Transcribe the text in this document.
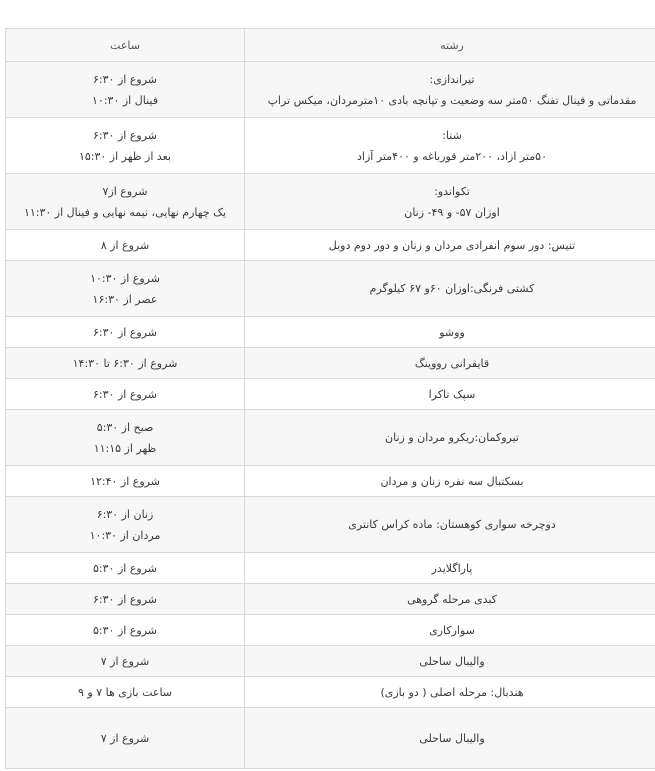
رشته	ساعت

تیراندازی:
مقدماتی و فینال تفنگ ۵۰متر سه وضعیت و تپانچه بادی ۱۰مترمردان، میکس تراپ	شروع از ۶:۳۰
فینال از ۱۰:۳۰

شنا:
۵۰متر ازاد، ۲۰۰متر قورباغه و ۴۰۰متر آزاد	شروع از ۶:۳۰
بعد از ظهر از ۱۵:۳۰

تکواندو:
اوزان ۵۷- و ۴۹- زنان	شروع از۷
یک چهارم نهایی، نیمه نهایی و فینال از ۱۱:۳۰

تنیس: دور سوم انفرادی مردان و زنان و دور دوم دوبل	شروع از ۸

کشتی فرنگی:اوزان ۶۰و ۶۷ کیلوگرم	شروع از ۱۰:۳۰
عصر از ۱۶:۳۰

ووشو	شروع از ۶:۳۰

قایقرانی رووینگ	شروع از ۶:۳۰ تا ۱۴:۳۰

سپک تاکرا	شروع از ۶:۳۰

تیروکمان:ریکرو مردان و زنان	صبح از ۵:۳۰
ظهر از ۱۱:۱۵

بسکتبال سه نفره زنان و مردان	شروع از ۱۲:۴۰

دوچرخه سواری کوهستان: ماده کراس کانتری	زنان از ۶:۳۰
مردان از ۱۰:۳۰

پاراگلایدر	شروع از ۵:۳۰

کبدی مرحله گروهی	شروع از ۶:۳۰

سوارکاری	شروع از ۵:۳۰

والیبال ساحلی	شروع از ۷

هندبال: مرحله اصلی ( دو بازی)	ساعت بازی ها ۷ و ۹

والیبال ساحلی	شروع از ۷
